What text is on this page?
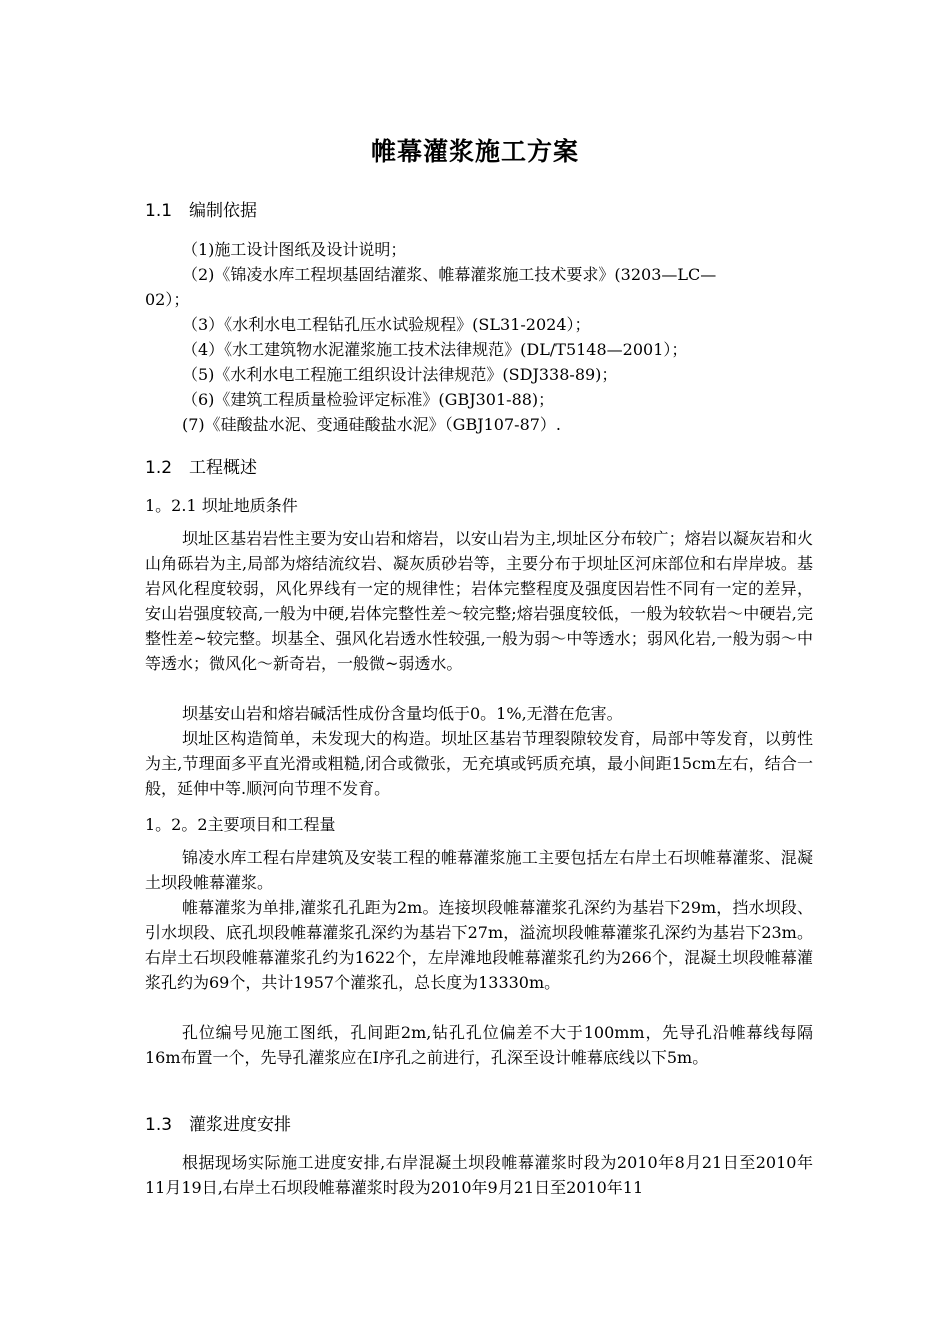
帷幕灌浆施工方案
1.1 编制依据
（1)施工设计图纸及设计说明；
（2)《锦凌水库工程坝基固结灌浆、帷幕灌浆施工技术要求》(3203—LC—
02）；
（3）《水利水电工程钻孔压水试验规程》(SL31-2024）；
（4）《水工建筑物水泥灌浆施工技术法律规范》(DL/T5148—2001）；
（5)《水利水电工程施工组织设计法律规范》(SDJ338-89)；
（6)《建筑工程质量检验评定标准》(GBJ301-88)；
(7)《硅酸盐水泥、变通硅酸盐水泥》（GBJ107-87）.
1.2 工程概述
1。2.1 坝址地质条件
坝址区基岩岩性主要为安山岩和熔岩，以安山岩为主,坝址区分布较广；熔岩以凝灰岩和火山角砾岩为主,局部为熔结流纹岩、凝灰质砂岩等，主要分布于坝址区河床部位和右岸岸坡。基岩风化程度较弱，风化界线有一定的规律性；岩体完整程度及强度因岩性不同有一定的差异，安山岩强度较高,一般为中硬,岩体完整性差～较完整;熔岩强度较低，一般为较软岩～中硬岩,完整性差~较完整。坝基全、强风化岩透水性较强,一般为弱～中等透水；弱风化岩,一般为弱～中等透水；微风化～新奇岩，一般微~弱透水。
坝基安山岩和熔岩碱活性成份含量均低于0。1%,无潜在危害。
坝址区构造简单，未发现大的构造。坝址区基岩节理裂隙较发育，局部中等发育，以剪性为主,节理面多平直光滑或粗糙,闭合或微张，无充填或钙质充填，最小间距15cm左右，结合一般，延伸中等.顺河向节理不发育。
1。2。2主要项目和工程量
锦凌水库工程右岸建筑及安装工程的帷幕灌浆施工主要包括左右岸土石坝帷幕灌浆、混凝土坝段帷幕灌浆。
帷幕灌浆为单排,灌浆孔孔距为2m。连接坝段帷幕灌浆孔深约为基岩下29m，挡水坝段、引水坝段、底孔坝段帷幕灌浆孔深约为基岩下27m，溢流坝段帷幕灌浆孔深约为基岩下23m。右岸土石坝段帷幕灌浆孔约为1622个，左岸滩地段帷幕灌浆孔约为266个，混凝土坝段帷幕灌浆孔约为69个，共计1957个灌浆孔，总长度为13330m。
孔位编号见施工图纸，孔间距2m,钻孔孔位偏差不大于100mm，先导孔沿帷幕线每隔16m布置一个，先导孔灌浆应在Ⅰ序孔之前进行，孔深至设计帷幕底线以下5m。
1.3 灌浆进度安排
根据现场实际施工进度安排,右岸混凝土坝段帷幕灌浆时段为2010年8月21日至2010年11月19日,右岸土石坝段帷幕灌浆时段为2010年9月21日至2010年11
